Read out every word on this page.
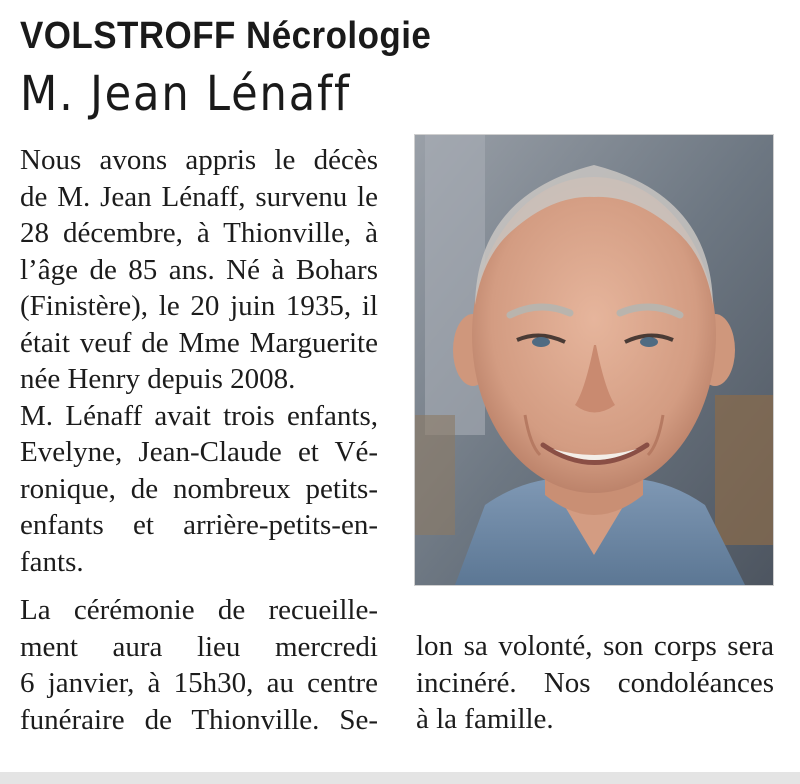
VOLSTROFF Nécrologie
M. Jean Lénaff
Nous avons appris le décès
de M. Jean Lénaff, survenu le
28 décembre, à Thionville, à
l’âge de 85 ans. Né à Bohars
(Finistère), le 20 juin 1935, il
était veuf de Mme Marguerite
née Henry depuis 2008.
M. Lénaff avait trois enfants,
Evelyne, Jean-Claude et Vé-
ronique, de nombreux petits-
enfants et arrière-petits-en-
fants.
La cérémonie de recueille-
ment aura lieu mercredi
6 janvier, à 15h30, au centre
funéraire de Thionville. Se-
lon sa volonté, son corps sera
incinéré. Nos condoléances
à la famille.
